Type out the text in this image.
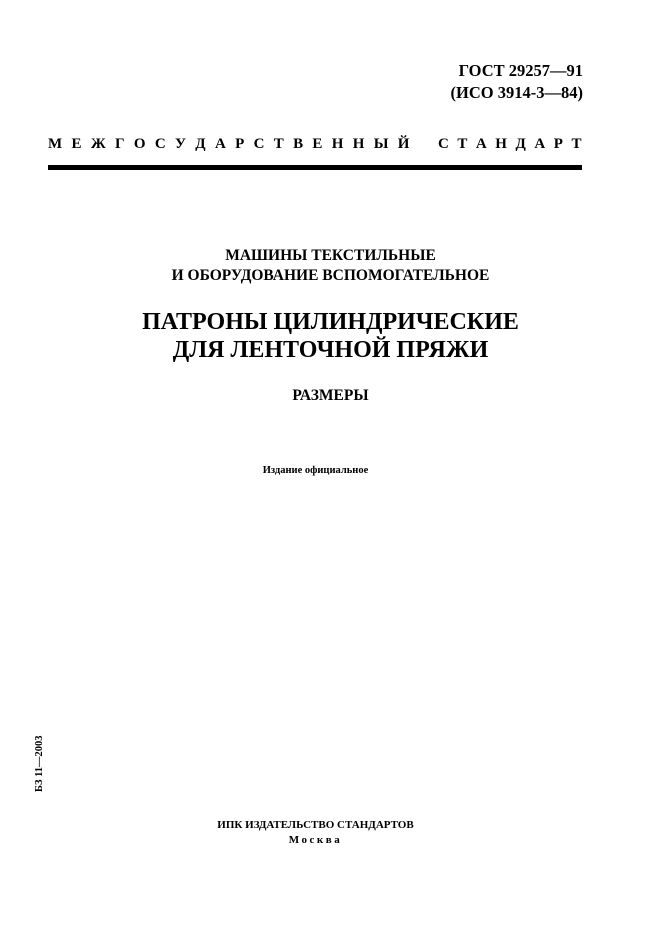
ГОСТ 29257—91
(ИСО 3914-3—84)
М Е Ж Г О С У Д А Р С Т В Е Н Н Ы Й С Т А Н Д А Р Т
МАШИНЫ ТЕКСТИЛЬНЫЕ
И ОБОРУДОВАНИЕ ВСПОМОГАТЕЛЬНОЕ
ПАТРОНЫ ЦИЛИНДРИЧЕСКИЕ
ДЛЯ ЛЕНТОЧНОЙ ПРЯЖИ
РАЗМЕРЫ
Издание официальное
БЗ 11—2003
ИПК ИЗДАТЕЛЬСТВО СТАНДАРТОВ
Москва
